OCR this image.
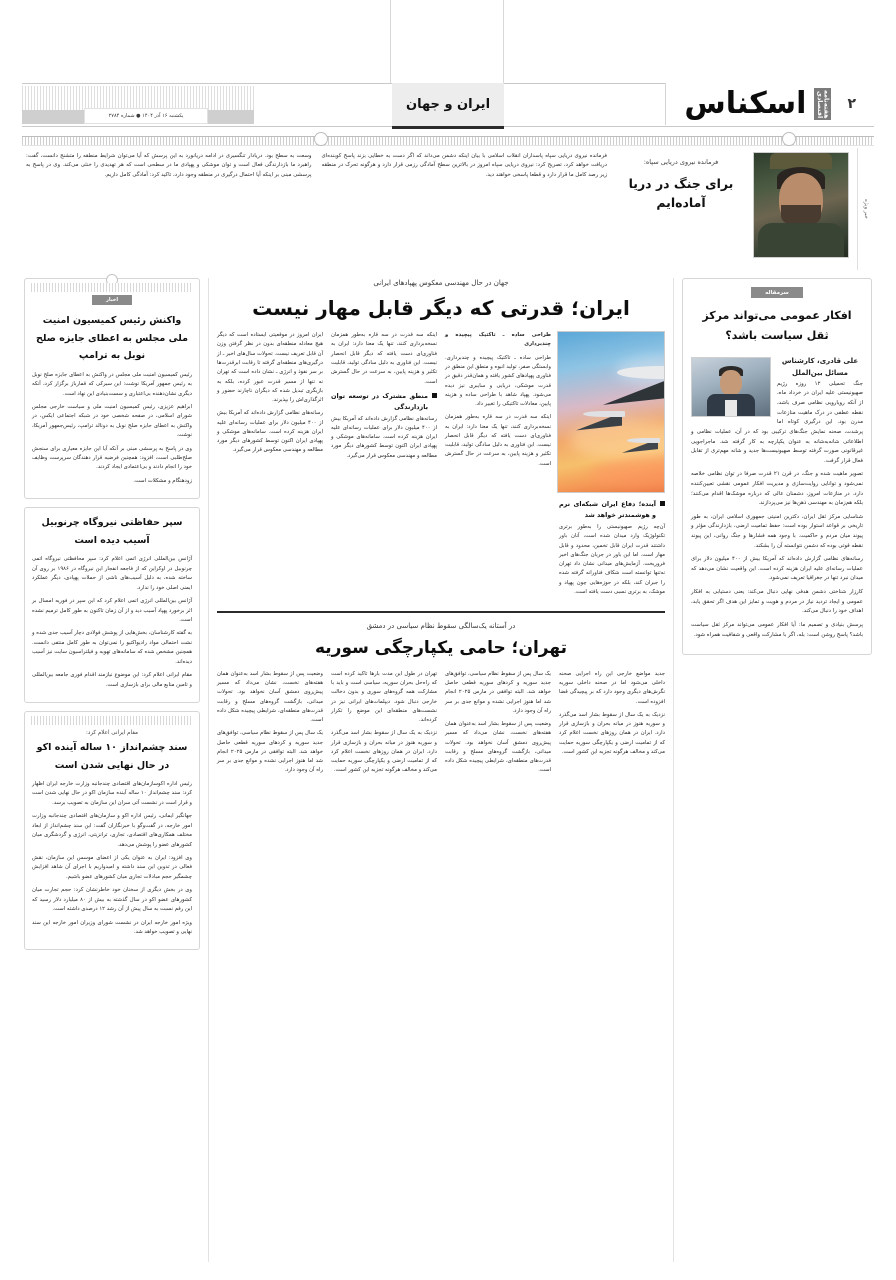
یکشنبه ۱۶ آذر ۱۴۰۴ ● شماره ۲۷۸۴
ایران و جهان	۲
هفته‌نامه اقتصادی
اسکناس
خبر ویژه
فرمانده نیروی دریایی سپاه:
برای جنگ در دریا آماده‌ایم
فرمانده نیروی دریایی سپاه پاسداران انقلاب اسلامی با بیان اینکه دشمن می‌داند که اگر دست به خطایی بزند پاسخ کوبنده‌ای دریافت خواهد کرد، تصریح کرد: نیروی دریایی سپاه امروز در بالاترین سطح آمادگی رزمی قرار دارد و هرگونه تحرک در منطقه زیر رصد کامل ما قرار دارد و قطعا پاسخی خواهند دید.
وسعت به سطح بود. دریادار تنگسیری در ادامه دریانورد به این پرسش که آیا می‌توان شرایط منطقه را متشنج دانست، گفت: راهبرد ما بازدارندگی فعال است و توان موشکی و پهپادی ما در سطحی است که هر تهدیدی را خنثی می‌کند. وی در پاسخ به پرسشی مبنی بر اینکه آیا احتمال درگیری در منطقه وجود دارد، تاکید کرد: آمادگی کامل داریم.
سرمقاله
افکار عمومی می‌تواند مرکز ثقل سیاست باشد؟
علی قادری، کارشناس مسائل بین‌الملل

جنگ تحمیلی ۱۲ روزه رژیم صهیونیستی علیه ایران در خرداد ماه، از آنکه رویارویی نظامی صرف باشد، نقطه عطفی در درک ماهیت منازعات مدرن بود. این درگیری کوتاه اما پرشدت، صحنه نمایش جنگ‌های ترکیبی بود که در آن، عملیات نظامی و اطلاعاتی شانه‌به‌شانه به عنوان یکپارچه به کار گرفته شد. ماجراجویی غیرقانونی صورت گرفته توسط صهیونیست‌ها جدید و شانه مهم‌تری از تقابل فعال قرار گرفت.

تصویر ماهیت شده و جنگ، در قرن ۲۱ قدرت صرفا در توان نظامی خلاصه نمی‌شود و توانایی روایت‌سازی و مدیریت افکار عمومی نقشی تعیین‌کننده دارد. در منازعات امروز، دشمنان عالی که درباره موشک‌ها اقدام می‌کنند؛ بلکه هم‌زمان به مهندسی ذهن‌ها نیز می‌پردازند.

شناسایی مرکز ثقل ایران، دکترین امنیتی جمهوری اسلامی ایران، به طور تاریخی بر قواعد استوار بوده است: حفظ تمامیت ارضی، بازدارندگی مؤثر و پیوند میان مردم و حاکمیت. با وجود همه فشارها و جنگ روانی، این پیوند نقطه قوتی بوده که دشمن نتوانسته آن را بشکند.

رسانه‌های نظامی گزارش داده‌اند که آمریکا بیش از ۴۰۰ میلیون دلار برای عملیات رسانه‌ای علیه ایران هزینه کرده است. این واقعیت نشان می‌دهد که میدان نبرد تنها در جغرافیا تعریف نمی‌شود.

کارزار شناختی دشمن هدفی نهایی دنبال می‌کند: یعنی دستیابی به افکار عمومی و ایجاد تردید نیاز در مردم و هویت و تمایز این هدف اگر تحقق یابد، اهداف خود را دنبال می‌کند.

پرسش بنیادی و تصمیم ما: آیا افکار عمومی می‌تواند مرکز ثقل سیاست باشد؟ پاسخ روشن است: بله، اگر با مشارکت واقعی و شفافیت همراه شود.

جهان در حال مهندسی معکوس پهپادهای ایرانی
ایران؛ قدرتی که دیگر قابل مهار نیست
آینده؛ دفاع ایران شبکه‌ای نرم و هوشمندتر خواهد شد

آن‌چه رژیم صهیونیستی را به‌طور برتری تکنولوژیک وارد میدان شده است، آنان باور داشتند قدرت ایران قابل تخمین، محدود و قابل مهار است. اما این باور در جریان جنگ‌های اخیر فروریخت. آزمایش‌های میدانی نشان داد تهران نه‌تنها توانسته است شکاف فناورانه گرفته شده را جبران کند، بلکه در حوزه‌هایی چون پهپاد و موشک، به برتری نسبی دست یافته است.

طراحی ساده ـ تاکتیک پیچیده و چندبرداری

طراحی ساده ـ تاکتیک پیچیده و چندبرداری. وابستگی صفر، تولید انبوه و منطق این منطق در فناوری پهپادهای کشور یافته و همان‌قدر دقیق در قدرت موشکی، دریایی و سایبری نیز دیده می‌شود. پهپاد شاهد با طراحی ساده و هزینه پایین، معادلات تاکتیکی را تغییر داد.

اینکه سه قدرت در سه قاره به‌طور همزمان نسخه‌برداری کنند، تنها یک معنا دارد: ایران به فناوری‌ای دست یافته که دیگر قابل انحصار نیست. این فناوری به دلیل سادگی تولید، قابلیت تکثیر و هزینه پایین، به سرعت در حال گسترش است.

اینکه سه قدرت در سه قاره به‌طور همزمان نسخه‌برداری کنند، تنها یک معنا دارد: ایران به فناوری‌ای دست یافته که دیگر قابل انحصار نیست. این فناوری به دلیل سادگی تولید، قابلیت تکثیر و هزینه پایین، به سرعت در حال گسترش است.

منطق مشترک در توسعه توان بازدارندگی

رسانه‌های نظامی گزارش داده‌اند که آمریکا بیش از ۴۰۰ میلیون دلار برای عملیات رسانه‌ای علیه ایران هزینه کرده است. سامانه‌های موشکی و پهپادی ایران اکنون توسط کشورهای دیگر مورد مطالعه و مهندسی معکوس قرار می‌گیرد.

ایران امروز در موقعیتی ایستاده است که دیگر هیچ معادله منطقه‌ای بدون در نظر گرفتن وزن آن قابل تعریف نیست. تحولات سال‌های اخیر ـ از درگیری‌های منطقه‌ای گرفته تا رقابت ابرقدرت‌ها بر سر نفوذ و انرژی ـ نشان داده است که تهران نه تنها از مسیر قدرت عبور کرده، بلکه به بازیگری تبدیل شده که دیگران ناچارند حضور و اثرگذاری‌اش را بپذیرند.

رسانه‌های نظامی گزارش داده‌اند که آمریکا بیش از ۴۰۰ میلیون دلار برای عملیات رسانه‌ای علیه ایران هزینه کرده است. سامانه‌های موشکی و پهپادی ایران اکنون توسط کشورهای دیگر مورد مطالعه و مهندسی معکوس قرار می‌گیرد.

در آستانه یک‌سالگی سقوط نظام سیاسی در دمشق
تهران؛ حامی یکپارچگی سوریه

جدید مواضع خارجی این راه اجرایی صحنه داخلی می‌شود اما در صحنه داخلی سوریه نگرش‌های دیگری وجود دارد که بر پیچیدگی قضا افزوده است.

نزدیک به یک سال از سقوط بشار اسد می‌گذرد و سوریه هنوز در میانه بحران و بازسازی قرار دارد. ایران در همان روزهای نخست اعلام کرد که از تمامیت ارضی و یکپارچگی سوریه حمایت می‌کند و مخالف هرگونه تجزیه این کشور است.

یک سال پس از سقوط نظام سیاسی، توافق‌های جدید سوریه و کردهای سوریه قطعی حاصل خواهد شد. البته توافقی در مارس ۲۰۲۵ انجام شد اما هنوز اجرایی نشده و موانع جدی بر سر راه آن وجود دارد.

وضعیت پس از سقوط بشار اسد به‌عنوان همان هفته‌های نخست، نشان می‌داد که مسیر پیش‌روی دمشق آسان نخواهد بود. تحولات میدانی، بازگشت گروه‌های مسلح و رقابت قدرت‌های منطقه‌ای، شرایطی پیچیده شکل داده است.

تهران در طول این مدت بارها تاکید کرده است که راه‌حل بحران سوریه، سیاسی است و باید با مشارکت همه گروه‌های سوری و بدون دخالت خارجی دنبال شود. دیپلمات‌های ایرانی نیز در نشست‌های منطقه‌ای این موضع را تکرار کرده‌اند.

نزدیک به یک سال از سقوط بشار اسد می‌گذرد و سوریه هنوز در میانه بحران و بازسازی قرار دارد. ایران در همان روزهای نخست اعلام کرد که از تمامیت ارضی و یکپارچگی سوریه حمایت می‌کند و مخالف هرگونه تجزیه این کشور است.

وضعیت پس از سقوط بشار اسد به‌عنوان همان هفته‌های نخست، نشان می‌داد که مسیر پیش‌روی دمشق آسان نخواهد بود. تحولات میدانی، بازگشت گروه‌های مسلح و رقابت قدرت‌های منطقه‌ای، شرایطی پیچیده شکل داده است.

یک سال پس از سقوط نظام سیاسی، توافق‌های جدید سوریه و کردهای سوریه قطعی حاصل خواهد شد. البته توافقی در مارس ۲۰۲۵ انجام شد اما هنوز اجرایی نشده و موانع جدی بر سر راه آن وجود دارد.

اخبار
واکنش رئیس کمیسیون امنیت ملی مجلس به اعطای جایزه صلح نوبل به ترامپ

رئیس کمیسیون امنیت ملی مجلس در واکنش به اعطای جایزه صلح نوبل به رئیس جمهور آمریکا نوشت: این سیرکی که قمارباز برگزار کرد، آنکه دیگری نشان‌دهنده بی‌اعتباری و سست‌بنیادی این نهاد است.

ابراهیم عزیزی، رئیس کمیسیون امنیت ملی و سیاست خارجی مجلس شورای اسلامی، در صفحه شخصی خود در شبکه اجتماعی ایکس، در واکنش به اعطای جایزه صلح نوبل به دونالد ترامپ، رئیس‌جمهور آمریکا، نوشت.

وی در پاسخ به پرسشی مبنی بر آنکه آیا این جایزه معیاری برای سنجش صلح‌طلبی است، افزود: همچنین فرضیه قرار دهندگان سرپرست وظایف خود را انجام دادند و بی‌اعتمادی ایجاد کردند.

زودهنگام و مشکلات است.

سپر حفاظتی نیروگاه چرنوبیل آسیب دیده است

آژانس بین‌المللی انرژی اتمی اعلام کرد: سپر محافظتی نیروگاه اتمی چرنوبیل در اوکراین که از فاجعه انفجار این نیروگاه در ۱۹۸۶ بر روی آن ساخته شده، به دلیل آسیب‌های ناشی از حملات پهپادی، دیگر عملکرد ایمنی اصلی خود را ندارد.

آژانس بین‌المللی انرژی اتمی اعلام کرد که این سپر در فوریه امسال بر اثر برخورد پهپاد آسیب دید و از آن زمان تاکنون به طور کامل ترمیم نشده است.

به گفته کارشناسان، بخش‌هایی از پوشش فولادی دچار آسیب جدی شده و نشت احتمالی مواد رادیواکتیو را نمی‌توان به طور کامل منتفی دانست. همچنین مشخص شده که سامانه‌های تهویه و فیلتراسیون سایت نیز آسیب دیده‌اند.

مقام ایرانی اعلام کرد: این موضوع نیازمند اقدام فوری جامعه بین‌المللی و تامین منابع مالی برای بازسازی است.

مقام ایرانی اعلام کرد:
سند چشم‌انداز ۱۰ ساله آینده اکو در حال نهایی شدن است

رئیس اداره اکوسازمان‌های اقتصادی چندجانبه وزارت خارجه ایران اظهار کرد: سند چشم‌انداز ۱۰ ساله آینده سازمان اکو در حال نهایی شدن است و قرار است در نشست آتی سران این سازمان به تصویب برسد.

جهانگیر ایمانی، رئیس اداره اکو و سازمان‌های اقتصادی چندجانبه وزارت امور خارجه، در گفت‌وگو با خبرنگاران گفت: این سند چشم‌انداز از ابعاد مختلف همکاری‌های اقتصادی، تجاری، ترانزیتی، انرژی و گردشگری میان کشورهای عضو را پوشش می‌دهد.

وی افزود: ایران به عنوان یکی از اعضای موسس این سازمان، نقش فعالی در تدوین این سند داشته و امیدواریم با اجرای آن شاهد افزایش چشمگیر حجم مبادلات تجاری میان کشورهای عضو باشیم.

وی در بخش دیگری از سخنان خود خاطرنشان کرد: حجم تجارت میان کشورهای عضو اکو در سال گذشته به بیش از ۸۰ میلیارد دلار رسید که این رقم نسبت به سال پیش از آن رشد ۱۲ درصدی داشته است.

ویژه امور خارجه ایران در نشست شورای وزیران امور خارجه این سند نهایی و تصویب خواهد شد.
